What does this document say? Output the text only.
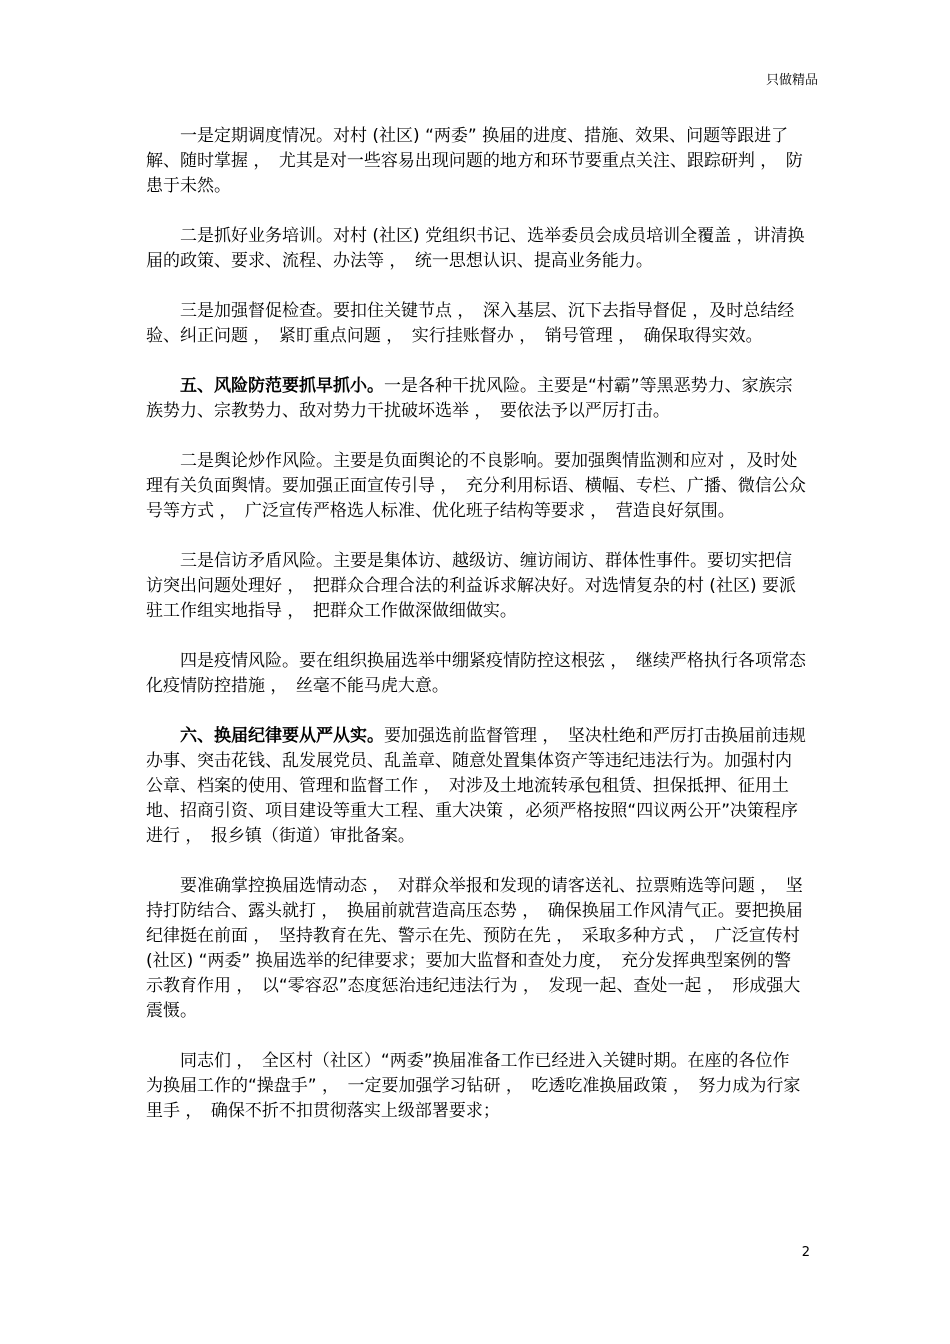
只做精品

一是定期调度情况。对村 (社区) “两委” 换届的进度、措施、效果、问题等跟进了解、随时掌握 ，　尤其是对一些容易出现问题的地方和环节要重点关注、跟踪研判 ，　防患于未然。

二是抓好业务培训。对村 (社区) 党组织书记、选举委员会成员培训全覆盖 ，讲清换届的政策、要求、流程、办法等 ，　统一思想认识、提高业务能力。

三是加强督促检查。要扣住关键节点 ，　深入基层、沉下去指导督促 ，及时总结经验、纠正问题 ，　紧盯重点问题 ，　实行挂账督办 ，　销号管理 ，　确保取得实效。

五、风险防范要抓早抓小。一是各种干扰风险。主要是“村霸”等黑恶势力、家族宗族势力、宗教势力、敌对势力干扰破坏选举 ，　要依法予以严厉打击。

二是舆论炒作风险。主要是负面舆论的不良影响。要加强舆情监测和应对 ，及时处理有关负面舆情。要加强正面宣传引导 ，　充分利用标语、横幅、专栏、广播、微信公众号等方式 ，　广泛宣传严格选人标准、优化班子结构等要求 ，　营造良好氛围。

三是信访矛盾风险。主要是集体访、越级访、缠访闹访、群体性事件。要切实把信访突出问题处理好 ，　把群众合理合法的利益诉求解决好。对选情复杂的村 (社区) 要派驻工作组实地指导 ，　把群众工作做深做细做实。

四是疫情风险。要在组织换届选举中绷紧疫情防控这根弦 ，　继续严格执行各项常态化疫情防控措施 ，　丝毫不能马虎大意。

六、换届纪律要从严从实。要加强选前监督管理 ，　坚决杜绝和严厉打击换届前违规办事、突击花钱、乱发展党员、乱盖章、随意处置集体资产等违纪违法行为。加强村内公章、档案的使用、管理和监督工作 ，　对涉及土地流转承包租赁、担保抵押、征用土地、招商引资、项目建设等重大工程、重大决策 ，必须严格按照“四议两公开”决策程序进行 ，　报乡镇（街道）审批备案。

要准确掌控换届选情动态 ，　对群众举报和发现的请客送礼、拉票贿选等问题 ，　坚持打防结合、露头就打 ，　换届前就营造高压态势 ，　确保换届工作风清气正。要把换届纪律挺在前面 ，　坚持教育在先、警示在先、预防在先 ，　采取多种方式 ，　广泛宣传村 (社区) “两委” 换届选举的纪律要求；要加大监督和查处力度，　充分发挥典型案例的警示教育作用 ，　以“零容忍”态度惩治违纪违法行为 ，　发现一起、查处一起 ，　形成强大震慑。

同志们 ，　全区村（社区）“两委”换届准备工作已经进入关键时期。在座的各位作为换届工作的“操盘手” ，　一定要加强学习钻研 ，　吃透吃准换届政策 ，　努力成为行家里手 ，　确保不折不扣贯彻落实上级部署要求；

2
